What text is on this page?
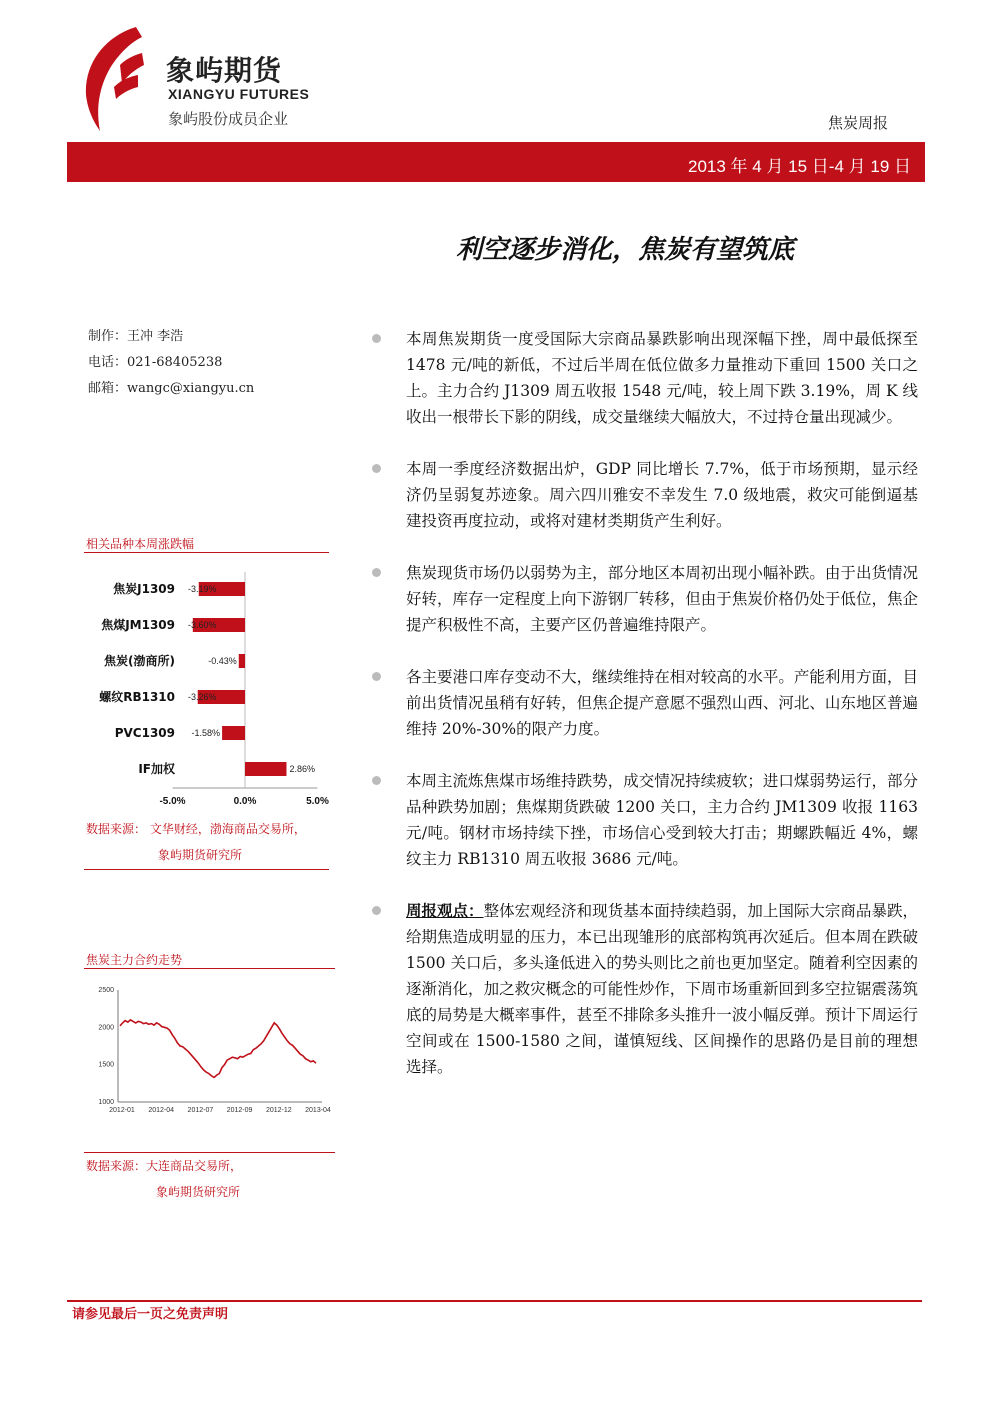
象屿期货
XIANGYU FUTURES
象屿股份成员企业	焦炭周报
2013 年 4 月 15 日-4 月 19 日
利空逐步消化，焦炭有望筑底
制作：王冲 李浩
电话：021-68405238
邮箱：wangc@xiangyu.cn
相关品种本周涨跌幅
焦炭J1309 -3.19%
焦煤JM1309 -3.60%
焦炭(渤商所)	-0.43%
螺纹RB1310 -3.26%
PVC1309 -1.58%
IF加权	2.86%
-5.0%	0.0%	5.0%
数据来源： 文华财经，渤海商品交易所，
象屿期货研究所
焦炭主力合约走势
2500
2000
1500
1000
2012-01 2012-04 2012-07 2012-09 2012-12 2013-04
数据来源：大连商品交易所，
象屿期货研究所
本周焦炭期货一度受国际大宗商品暴跌影响出现深幅下挫，周中最低探至 1478 元/吨的新低，不过后半周在低位做多力量推动下重回 1500 关口之上。主力合约 J1309 周五收报 1548 元/吨，较上周下跌 3.19%，周 K 线收出一根带长下影的阴线，成交量继续大幅放大，不过持仓量出现减少。
本周一季度经济数据出炉，GDP 同比增长 7.7%，低于市场预期，显示经济仍呈弱复苏迹象。周六四川雅安不幸发生 7.0 级地震，救灾可能倒逼基建投资再度拉动，或将对建材类期货产生利好。
焦炭现货市场仍以弱势为主，部分地区本周初出现小幅补跌。由于出货情况好转，库存一定程度上向下游钢厂转移，但由于焦炭价格仍处于低位，焦企提产积极性不高，主要产区仍普遍维持限产。
各主要港口库存变动不大，继续维持在相对较高的水平。产能利用方面，目前出货情况虽稍有好转，但焦企提产意愿不强烈山西、河北、山东地区普遍维持 20%-30%的限产力度。
本周主流炼焦煤市场维持跌势，成交情况持续疲软；进口煤弱势运行，部分品种跌势加剧；焦煤期货跌破 1200 关口，主力合约 JM1309 收报 1163 元/吨。钢材市场持续下挫，市场信心受到较大打击；期螺跌幅近 4%，螺纹主力 RB1310 周五收报 3686 元/吨。
周报观点：整体宏观经济和现货基本面持续趋弱，加上国际大宗商品暴跌，给期焦造成明显的压力，本已出现雏形的底部构筑再次延后。但本周在跌破 1500 关口后，多头逢低进入的势头则比之前也更加坚定。随着利空因素的逐渐消化，加之救灾概念的可能性炒作，下周市场重新回到多空拉锯震荡筑底的局势是大概率事件，甚至不排除多头推升一波小幅反弹。预计下周运行空间或在 1500-1580 之间，谨慎短线、区间操作的思路仍是目前的理想选择。
请参见最后一页之免责声明
